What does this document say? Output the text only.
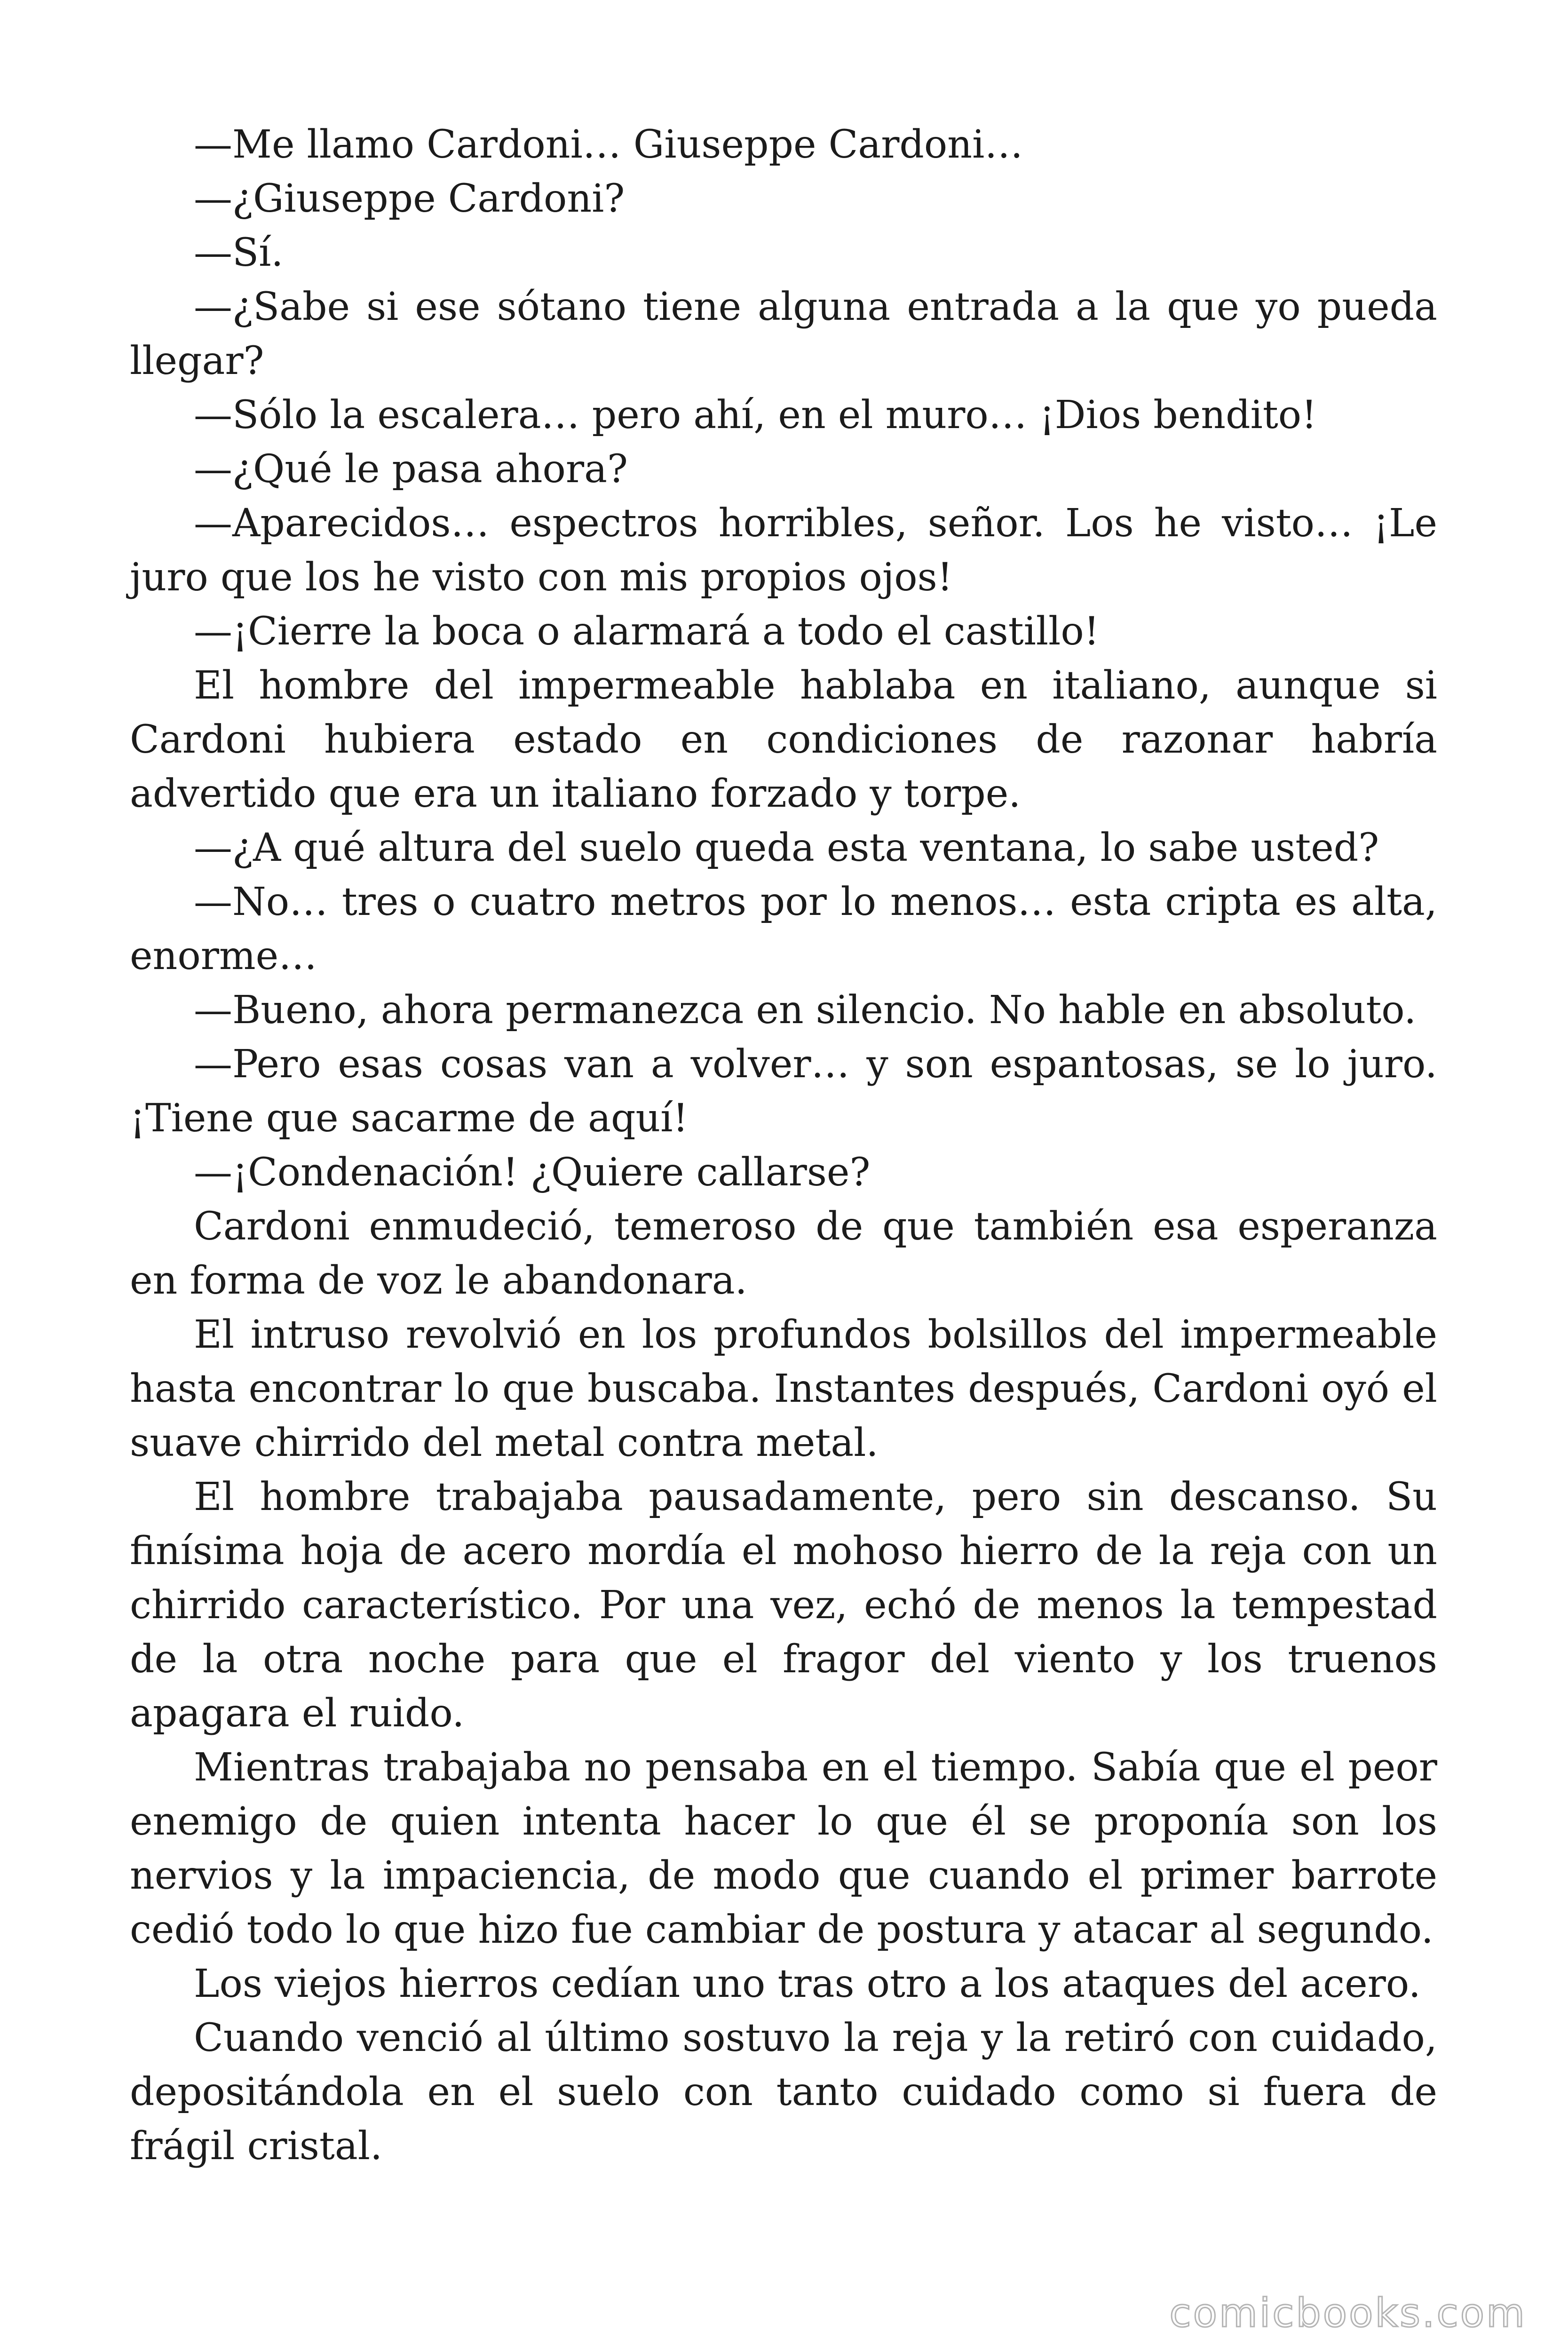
—Me llamo Cardoni… Giuseppe Cardoni…

—¿Giuseppe Cardoni?

—Sí.

—¿Sabe si ese sótano tiene alguna entrada a la que yo pueda llegar?

—Sólo la escalera… pero ahí, en el muro… ¡Dios bendito!

—¿Qué le pasa ahora?

—Aparecidos… espectros horribles, señor. Los he visto… ¡Le juro que los he visto con mis propios ojos!

—¡Cierre la boca o alarmará a todo el castillo!

El hombre del impermeable hablaba en italiano, aunque si Cardoni hubiera estado en condiciones de razonar habría advertido que era un italiano forzado y torpe.

—¿A qué altura del suelo queda esta ventana, lo sabe usted?

—No… tres o cuatro metros por lo menos… esta cripta es alta, enorme…

—Bueno, ahora permanezca en silencio. No hable en absoluto.

—Pero esas cosas van a volver… y son espantosas, se lo juro. ¡Tiene que sacarme de aquí!

—¡Condenación! ¿Quiere callarse?

Cardoni enmudeció, temeroso de que también esa esperanza en forma de voz le abandonara.

El intruso revolvió en los profundos bolsillos del impermeable hasta encontrar lo que buscaba. Instantes después, Cardoni oyó el suave chirrido del metal contra metal.

El hombre trabajaba pausadamente, pero sin descanso. Su finísima hoja de acero mordía el mohoso hierro de la reja con un chirrido característico. Por una vez, echó de menos la tempestad de la otra noche para que el fragor del viento y los truenos apagara el ruido.

Mientras trabajaba no pensaba en el tiempo. Sabía que el peor enemigo de quien intenta hacer lo que él se proponía son los nervios y la impaciencia, de modo que cuando el primer barrote cedió todo lo que hizo fue cambiar de postura y atacar al segundo.

Los viejos hierros cedían uno tras otro a los ataques del acero.

Cuando venció al último sostuvo la reja y la retiró con cuidado, depositándola en el suelo con tanto cuidado como si fuera de frágil cristal.

comicbooks.com
